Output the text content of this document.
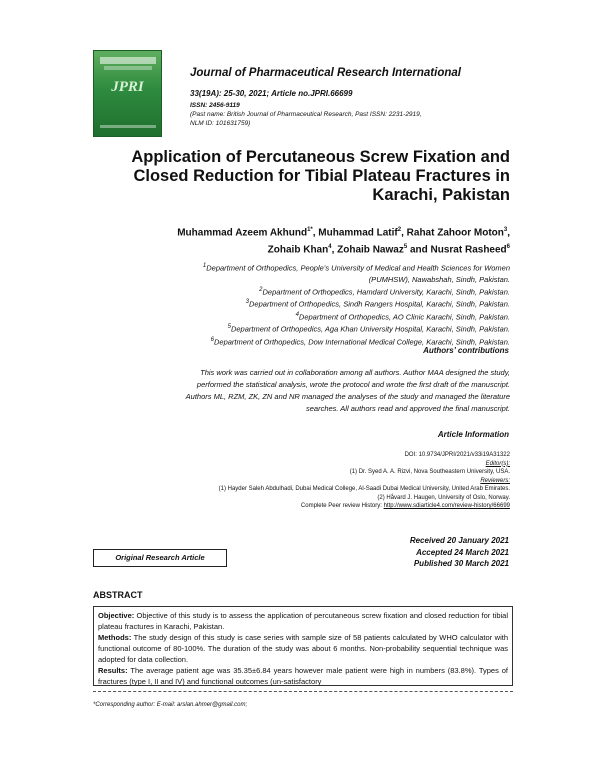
JPRI
Journal of Pharmaceutical Research International
33(19A): 25-30, 2021; Article no.JPRI.66699
ISSN: 2456-9119
(Past name: British Journal of Pharmaceutical Research, Past ISSN: 2231-2919,
NLM ID: 101631759)
Application of Percutaneous Screw Fixation and
Closed Reduction for Tibial Plateau Fractures in
Karachi, Pakistan
Muhammad Azeem Akhund$^{1*}$, Muhammad Latif$^2$, Rahat Zahoor Moton$^3$,
Zohaib Khan$^4$, Zohaib Nawaz$^5$ and Nusrat Rasheed$^6$
$^1$Department of Orthopedics, People’s University of Medical and Health Sciences for Women
(PUMHSW), Nawabshah, Sindh, Pakistan.
$^2$Department of Orthopedics, Hamdard University, Karachi, Sindh, Pakistan.
$^3$Department of Orthopedics, Sindh Rangers Hospital, Karachi, Sindh, Pakistan.
$^4$Department of Orthopedics, AO Clinic Karachi, Sindh, Pakistan.
$^5$Department of Orthopedics, Aga Khan University Hospital, Karachi, Sindh, Pakistan.
$^6$Department of Orthopedics, Dow International Medical College, Karachi, Sindh, Pakistan.
Authors’ contributions
This work was carried out in collaboration among all authors. Author MAA designed the study,
performed the statistical analysis, wrote the protocol and wrote the first draft of the manuscript.
Authors ML, RZM, ZK, ZN and NR managed the analyses of the study and managed the literature
searches. All authors read and approved the final manuscript.
Article Information
DOI: 10.9734/JPRI/2021/v33i19A31322
Editor(s):
(1) Dr. Syed A. A. Rizvi, Nova Southeastern University, USA.
Reviewers:
(1) Hayder Saleh Abdulhadi, Dubai Medical College, Al-Saadi Dubai Medical University, United Arab Emirates.
(2) Håvard J. Haugen, University of Oslo, Norway.
Complete Peer review History: http://www.sdiarticle4.com/review-history/66699
Original Research Article
Received 20 January 2021
Accepted 24 March 2021
Published 30 March 2021
ABSTRACT
Objective: Objective of this study is to assess the application of percutaneous screw fixation and closed reduction for tibial plateau fractures in Karachi, Pakistan.
Methods: The study design of this study is case series with sample size of 58 patients calculated by WHO calculator with functional outcome of 80-100%. The duration of the study was about 6 months. Non-probability sequential technique was adopted for data collection.
Results: The average patient age was 35.35±6.84 years however male patient were high in numbers (83.8%). Types of fractures (type I, II and IV) and functional outcomes (un-satisfactory
*Corresponding author: E-mail: arslan.ahmer@gmail.com;
